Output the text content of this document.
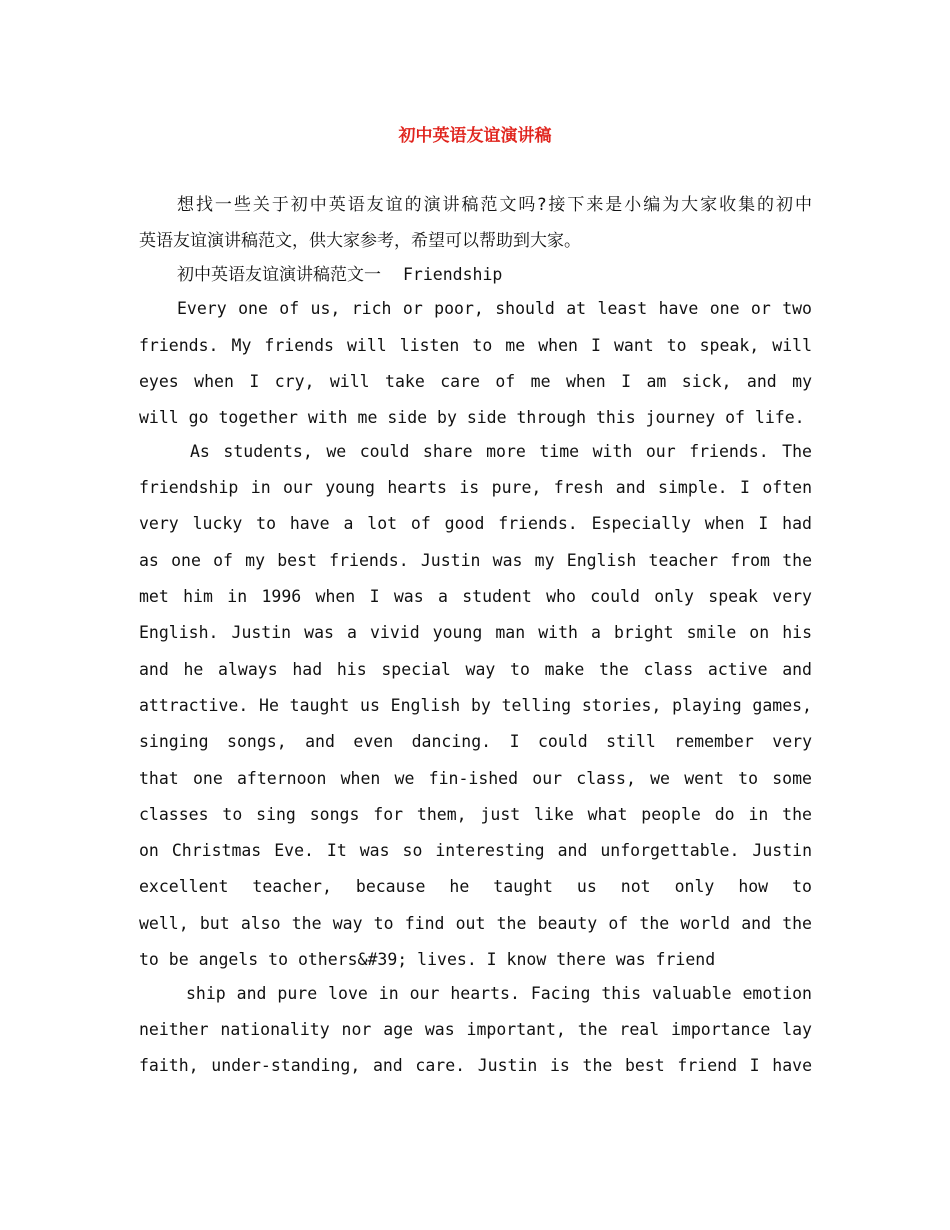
初中英语友谊演讲稿
想找一些关于初中英语友谊的演讲稿范文吗?接下来是小编为大家收集的初中
英语友谊演讲稿范文，供大家参考，希望可以帮助到大家。
初中英语友谊演讲稿范文一 Friendship
Every one of us, rich or poor, should at least have one or two
friends. My friends will listen to me when I want to speak, will
eyes when I cry, will take care of me when I am sick, and my
will go together with me side by side through this journey of life.
As students, we could share more time with our friends. The
friendship in our young hearts is pure, fresh and simple. I often
very lucky to have a lot of good friends. Especially when I had
as one of my best friends. Justin was my English teacher from the
met him in 1996 when I was a student who could only speak very
English. Justin was a vivid young man with a bright smile on his
and he always had his special way to make the class active and
attractive. He taught us English by telling stories, playing games,
singing songs, and even dancing. I could still remember very
that one afternoon when we fin-ished our class, we went to some
classes to sing songs for them, just like what people do in the
on Christmas Eve. It was so interesting and unforgettable. Justin
excellent teacher, because he taught us not only how to
well, but also the way to find out the beauty of the world and the
to be angels to others&#39; lives. I know there was friend
ship and pure love in our hearts. Facing this valuable emotion
neither nationality nor age was important, the real importance lay
faith, under-standing, and care. Justin is the best friend I have
